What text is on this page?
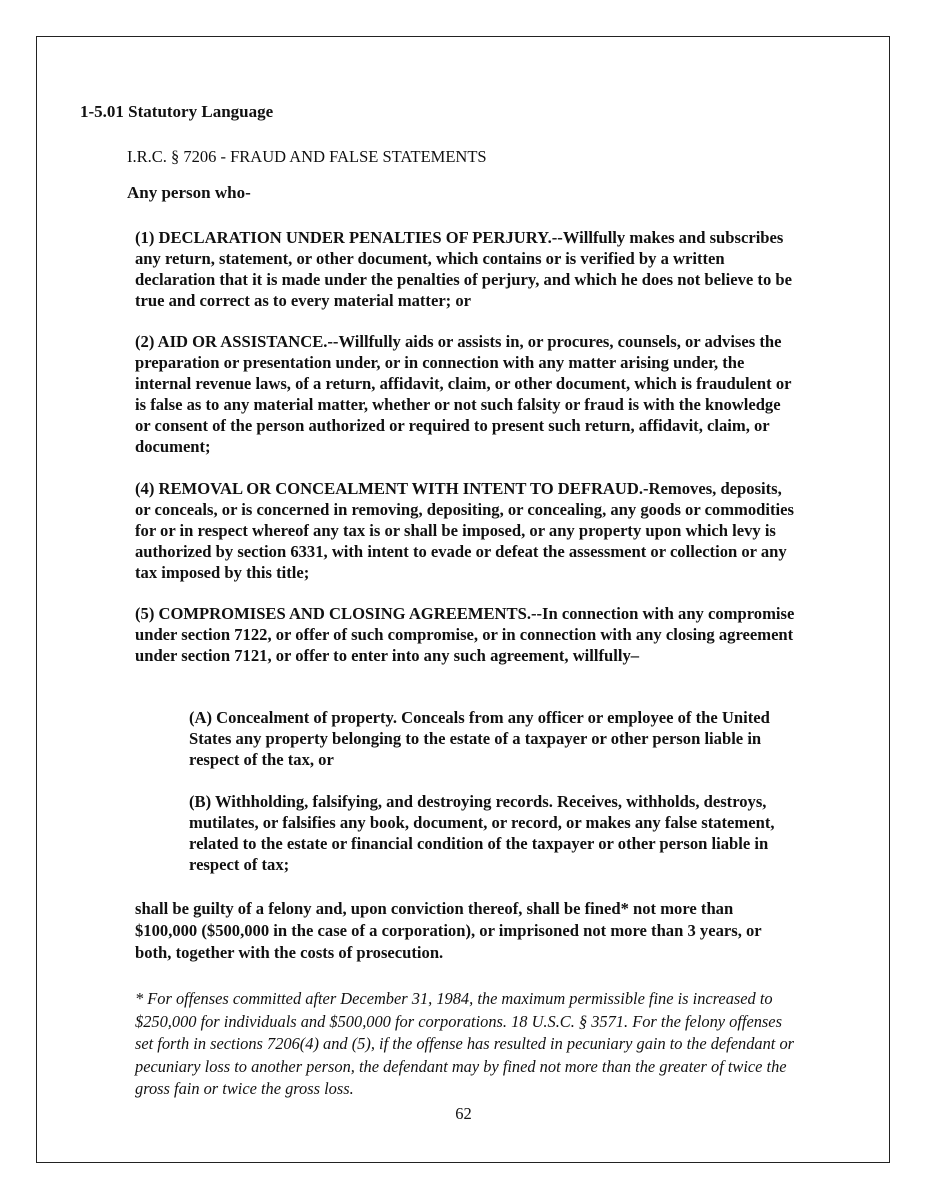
1-5.01 Statutory Language
I.R.C. § 7206 - FRAUD AND FALSE STATEMENTS
Any person who-

(1) DECLARATION UNDER PENALTIES OF PERJURY.--Willfully makes and subscribes any return, statement, or other document, which contains or is verified by a written declaration that it is made under the penalties of perjury, and which he does not believe to be true and correct as to every material matter; or

(2) AID OR ASSISTANCE.--Willfully aids or assists in, or procures, counsels, or advises the preparation or presentation under, or in connection with any matter arising under, the internal revenue laws, of a return, affidavit, claim, or other document, which is fraudulent or is false as to any material matter, whether or not such falsity or fraud is with the knowledge or consent of the person authorized or required to present such return, affidavit, claim, or document;

(4) REMOVAL OR CONCEALMENT WITH INTENT TO DEFRAUD.-Removes, deposits, or conceals, or is concerned in removing, depositing, or concealing, any goods or commodities for or in respect whereof any tax is or shall be imposed, or any property upon which levy is authorized by section 6331, with intent to evade or defeat the assessment or collection or any tax imposed by this title;

(5) COMPROMISES AND CLOSING AGREEMENTS.--In connection with any compromise under section 7122, or offer of such compromise, or in connection with any closing agreement under section 7121, or offer to enter into any such agreement, willfully–

(A) Concealment of property. Conceals from any officer or employee of the United States any property belonging to the estate of a taxpayer or other person liable in respect of the tax, or

(B) Withholding, falsifying, and destroying records. Receives, withholds, destroys, mutilates, or falsifies any book, document, or record, or makes any false statement, related to the estate or financial condition of the taxpayer or other person liable in respect of tax;

shall be guilty of a felony and, upon conviction thereof, shall be fined* not more than $100,000 ($500,000 in the case of a corporation), or imprisoned not more than 3 years, or both, together with the costs of prosecution.

* For offenses committed after December 31, 1984, the maximum permissible fine is increased to $250,000 for individuals and $500,000 for corporations. 18 U.S.C. § 3571. For the felony offenses set forth in sections 7206(4) and (5), if the offense has resulted in pecuniary gain to the defendant or pecuniary loss to another person, the defendant may by fined not more than the greater of twice the gross fain or twice the gross loss.

62
